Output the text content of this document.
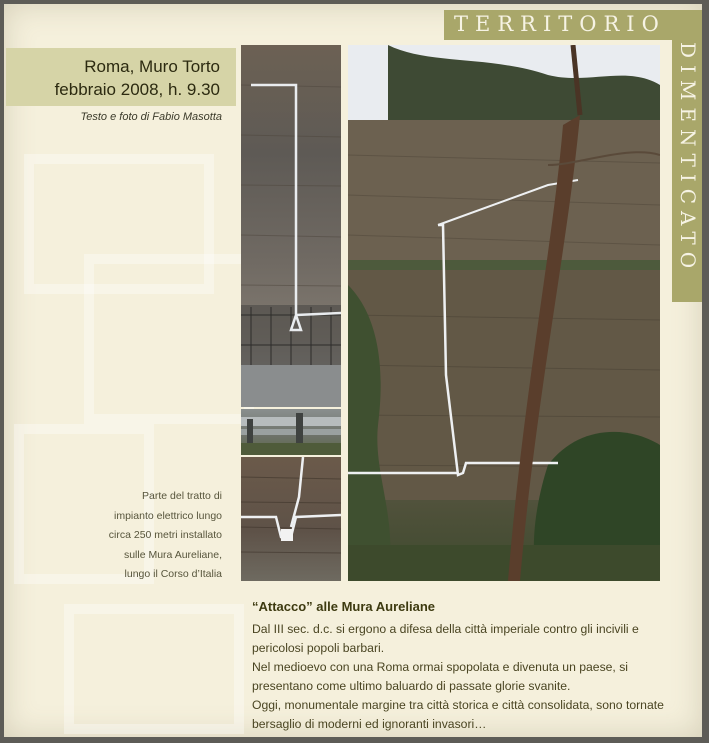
TERRITORIO
DIMENTICATO
Roma, Muro Torto
febbraio 2008, h. 9.30
Testo e foto di Fabio Masotta
Parte del tratto di
impianto elettrico lungo
circa 250 metri installato
sulle Mura Aureliane,
lungo il Corso d’Italia
“Attacco” alle Mura Aureliane

Dal III sec. d.c. si ergono a difesa della città imperiale contro gli incivili e pericolosi popoli barbari.

Nel medioevo con una Roma ormai spopolata e divenuta un paese, si presentano come ultimo baluardo di passate glorie svanite.

Oggi, monumentale margine tra città storica e città consolidata, sono tornate bersaglio di moderni ed ignoranti invasori…
